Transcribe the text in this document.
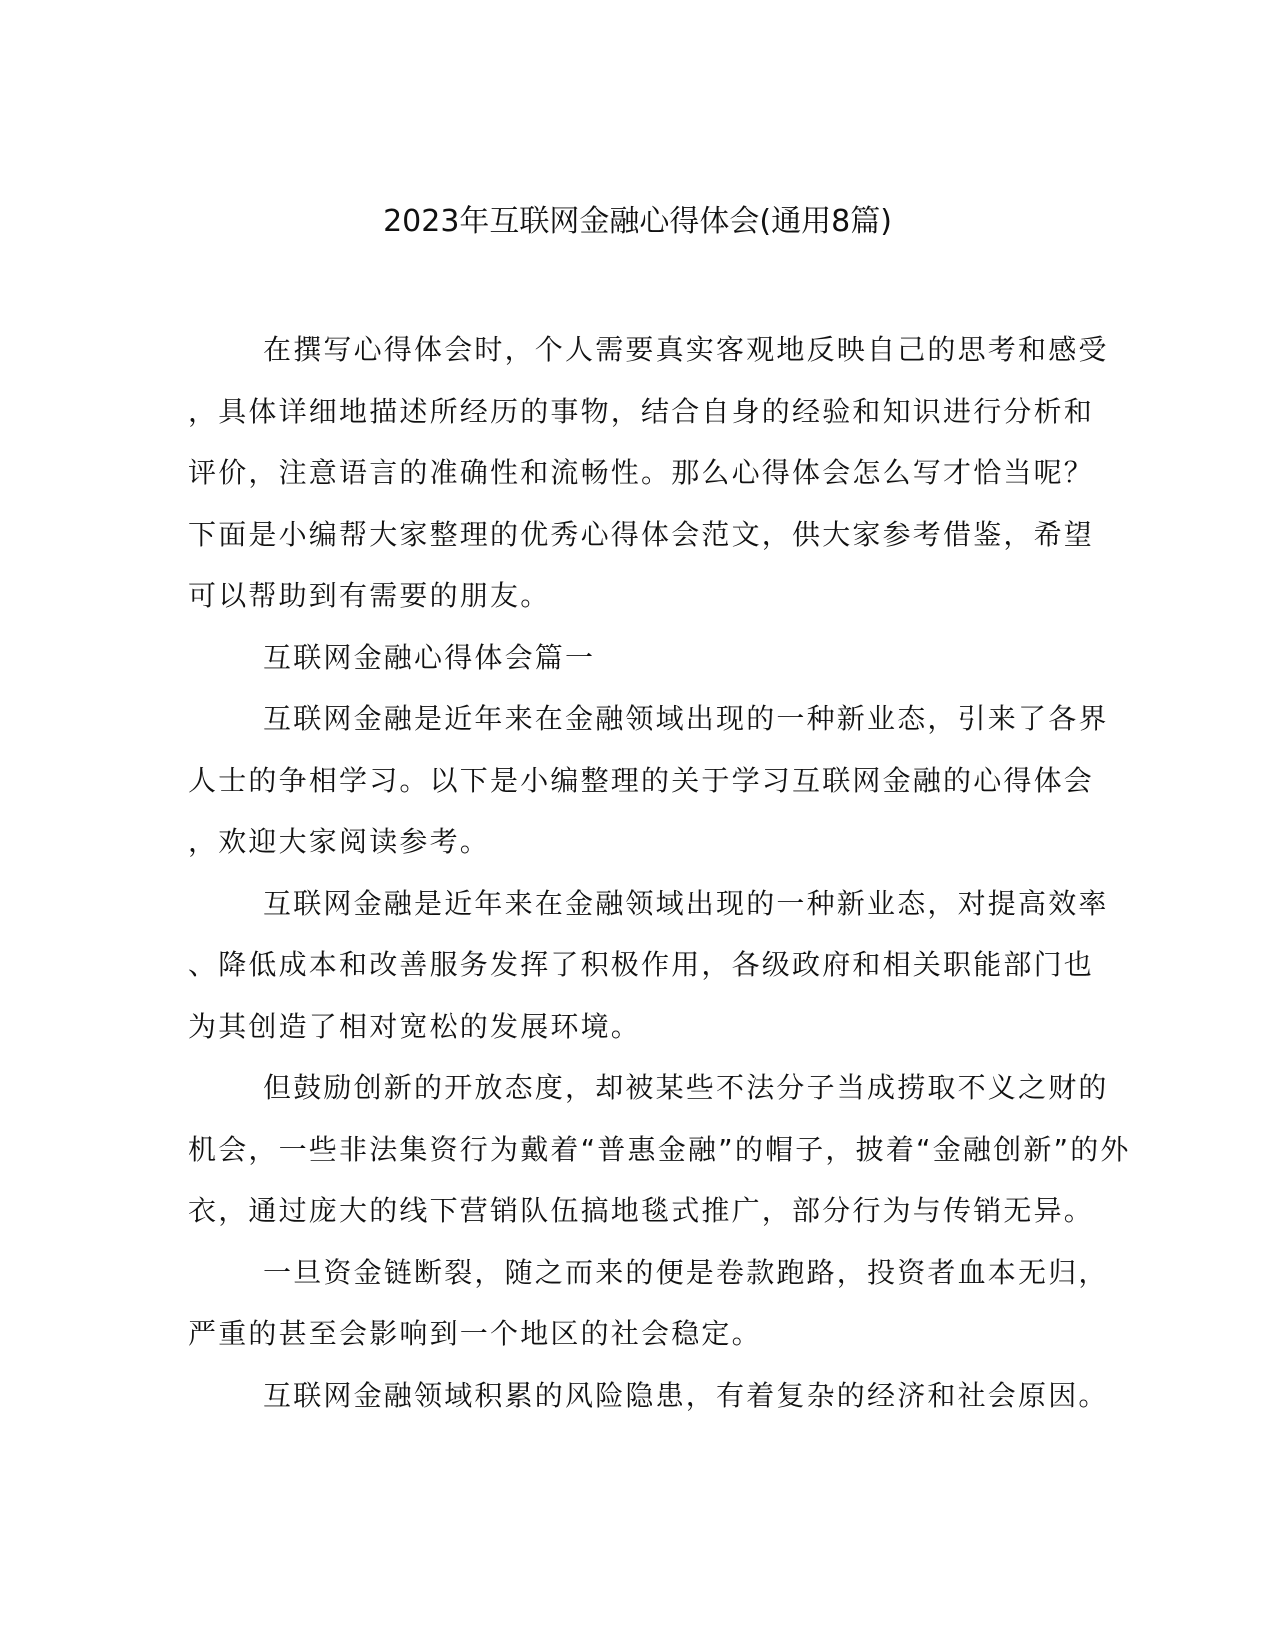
2023年互联网金融心得体会(通用8篇)
在撰写心得体会时，个人需要真实客观地反映自己的思考和感受
，具体详细地描述所经历的事物，结合自身的经验和知识进行分析和
评价，注意语言的准确性和流畅性。那么心得体会怎么写才恰当呢？
下面是小编帮大家整理的优秀心得体会范文，供大家参考借鉴，希望
可以帮助到有需要的朋友。
互联网金融心得体会篇一
互联网金融是近年来在金融领域出现的一种新业态，引来了各界
人士的争相学习。以下是小编整理的关于学习互联网金融的心得体会
，欢迎大家阅读参考。
互联网金融是近年来在金融领域出现的一种新业态，对提高效率
、降低成本和改善服务发挥了积极作用，各级政府和相关职能部门也
为其创造了相对宽松的发展环境。
但鼓励创新的开放态度，却被某些不法分子当成捞取不义之财的
机会，一些非法集资行为戴着“普惠金融”的帽子，披着“金融创新”的外
衣，通过庞大的线下营销队伍搞地毯式推广，部分行为与传销无异。
一旦资金链断裂，随之而来的便是卷款跑路，投资者血本无归，
严重的甚至会影响到一个地区的社会稳定。
互联网金融领域积累的风险隐患，有着复杂的经济和社会原因。
